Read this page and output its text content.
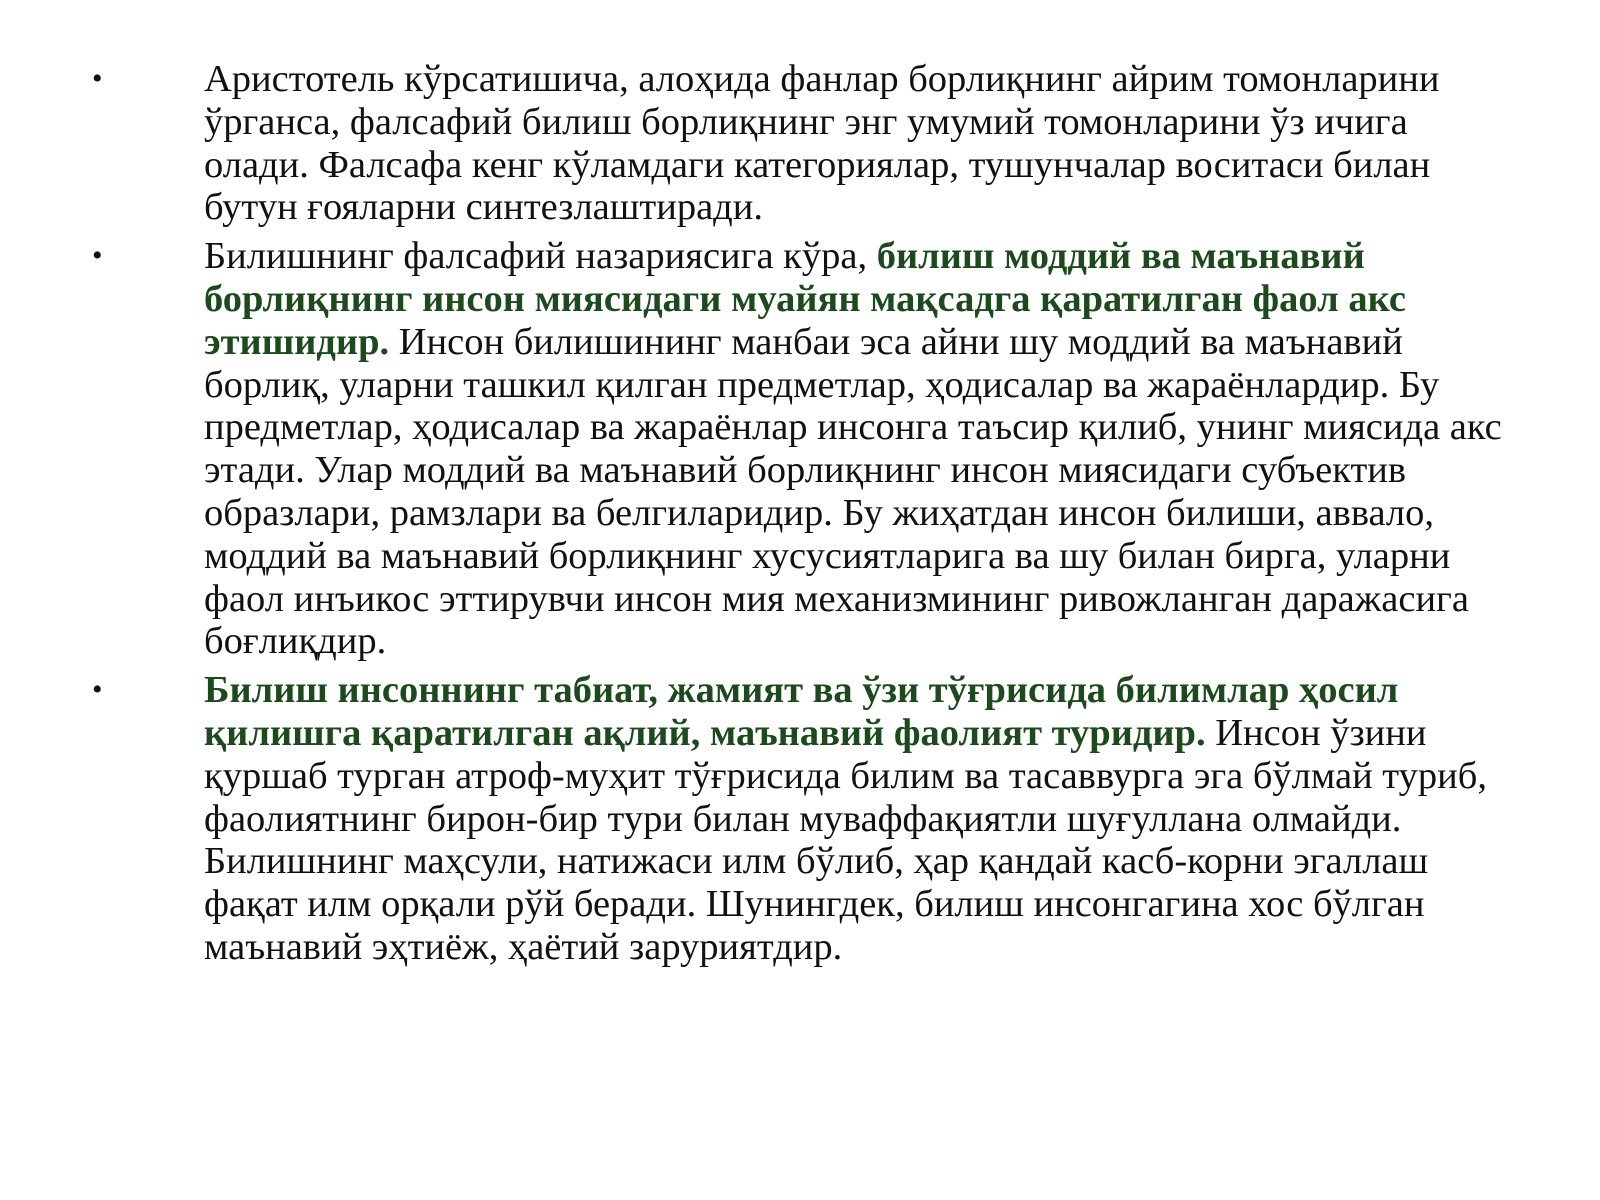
•	Аристотель кўрсатишича, алоҳида фанлар борлиқнинг айрим томонларини ўрганса, фалсафий билиш борлиқнинг энг умумий томонларини ўз ичига олади. Фалсафа кенг кўламдаги категориялар, тушунчалар воситаси билан бутун ғояларни синтезлаштиради.
•	Билишнинг фалсафий назариясига кўра, билиш моддий ва маънавий борлиқнинг инсон миясидаги муайян мақсадга қаратилган фаол акс этишидир. Инсон билишининг манбаи эса айни шу моддий ва маънавий борлиқ, уларни ташкил қилган предметлар, ҳодисалар ва жараёнлардир. Бу предметлар, ҳодисалар ва жараёнлар инсонга таъсир қилиб, унинг миясида акс этади. Улар моддий ва маънавий борлиқнинг инсон миясидаги субъектив образлари, рамзлари ва белгиларидир. Бу жиҳатдан инсон билиши, аввало, моддий ва маънавий борлиқнинг хусусиятларига ва шу билан бирга, уларни фаол инъикос эттирувчи инсон мия механизмининг ривожланган даражасига боғлиқдир.
•	Билиш инсоннинг табиат, жамият ва ўзи тўғрисида билимлар ҳосил қилишга қаратилган ақлий, маънавий фаолият туридир. Инсон ўзини қуршаб турган атроф-муҳит тўғрисида билим ва тасаввурга эга бўлмай туриб, фаолиятнинг бирон-бир тури билан муваффақиятли шуғуллана олмайди. Билишнинг маҳсули, натижаси илм бўлиб, ҳар қандай касб-корни эгаллаш фақат илм орқали рўй беради. Шунингдек, билиш инсонгагина хос бўлган маънавий эҳтиёж, ҳаётий заруриятдир.
